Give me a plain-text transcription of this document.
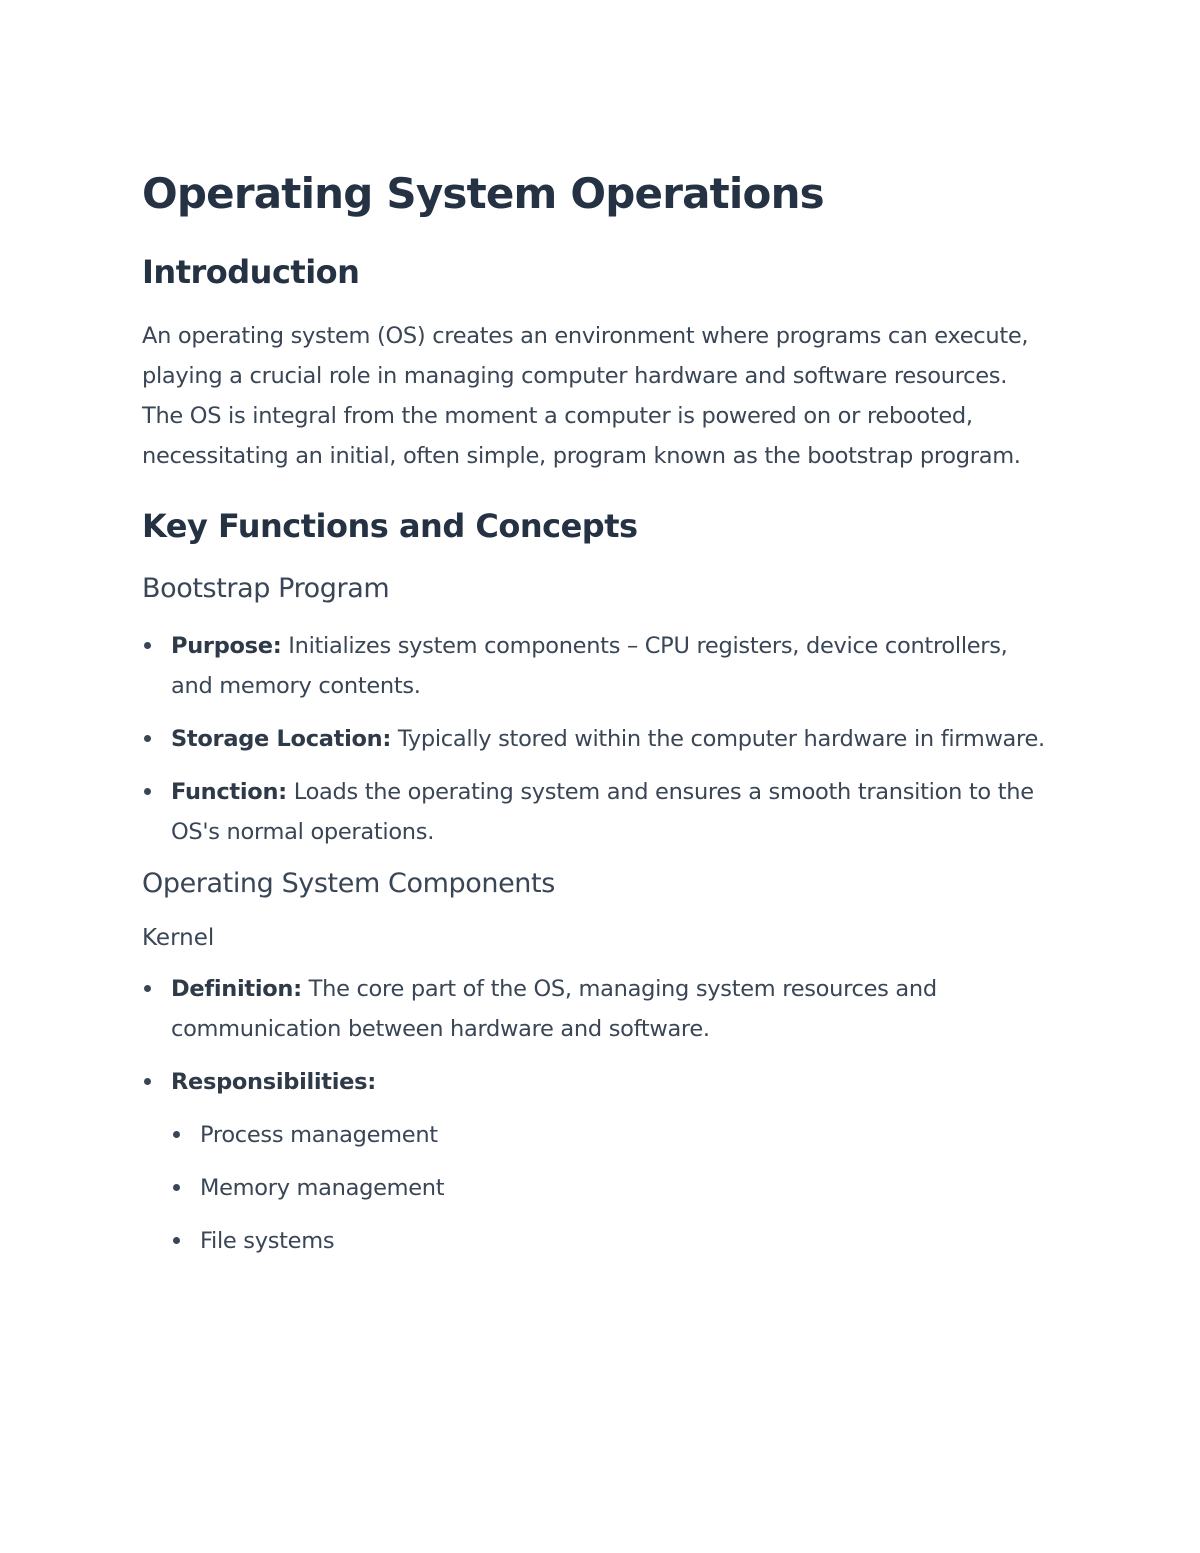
Operating System Operations
Introduction

An operating system (OS) creates an environment where programs can execute, playing a crucial role in managing computer hardware and software resources. The OS is integral from the moment a computer is powered on or rebooted, necessitating an initial, often simple, program known as the bootstrap program.

Key Functions and Concepts
Bootstrap Program
Purpose: Initializes system components – CPU registers, device controllers, and memory contents.
Storage Location: Typically stored within the computer hardware in firmware.
Function: Loads the operating system and ensures a smooth transition to the OS's normal operations.
Operating System Components
Kernel
Definition: The core part of the OS, managing system resources and communication between hardware and software.
Responsibilities:
Process management
Memory management
File systems
